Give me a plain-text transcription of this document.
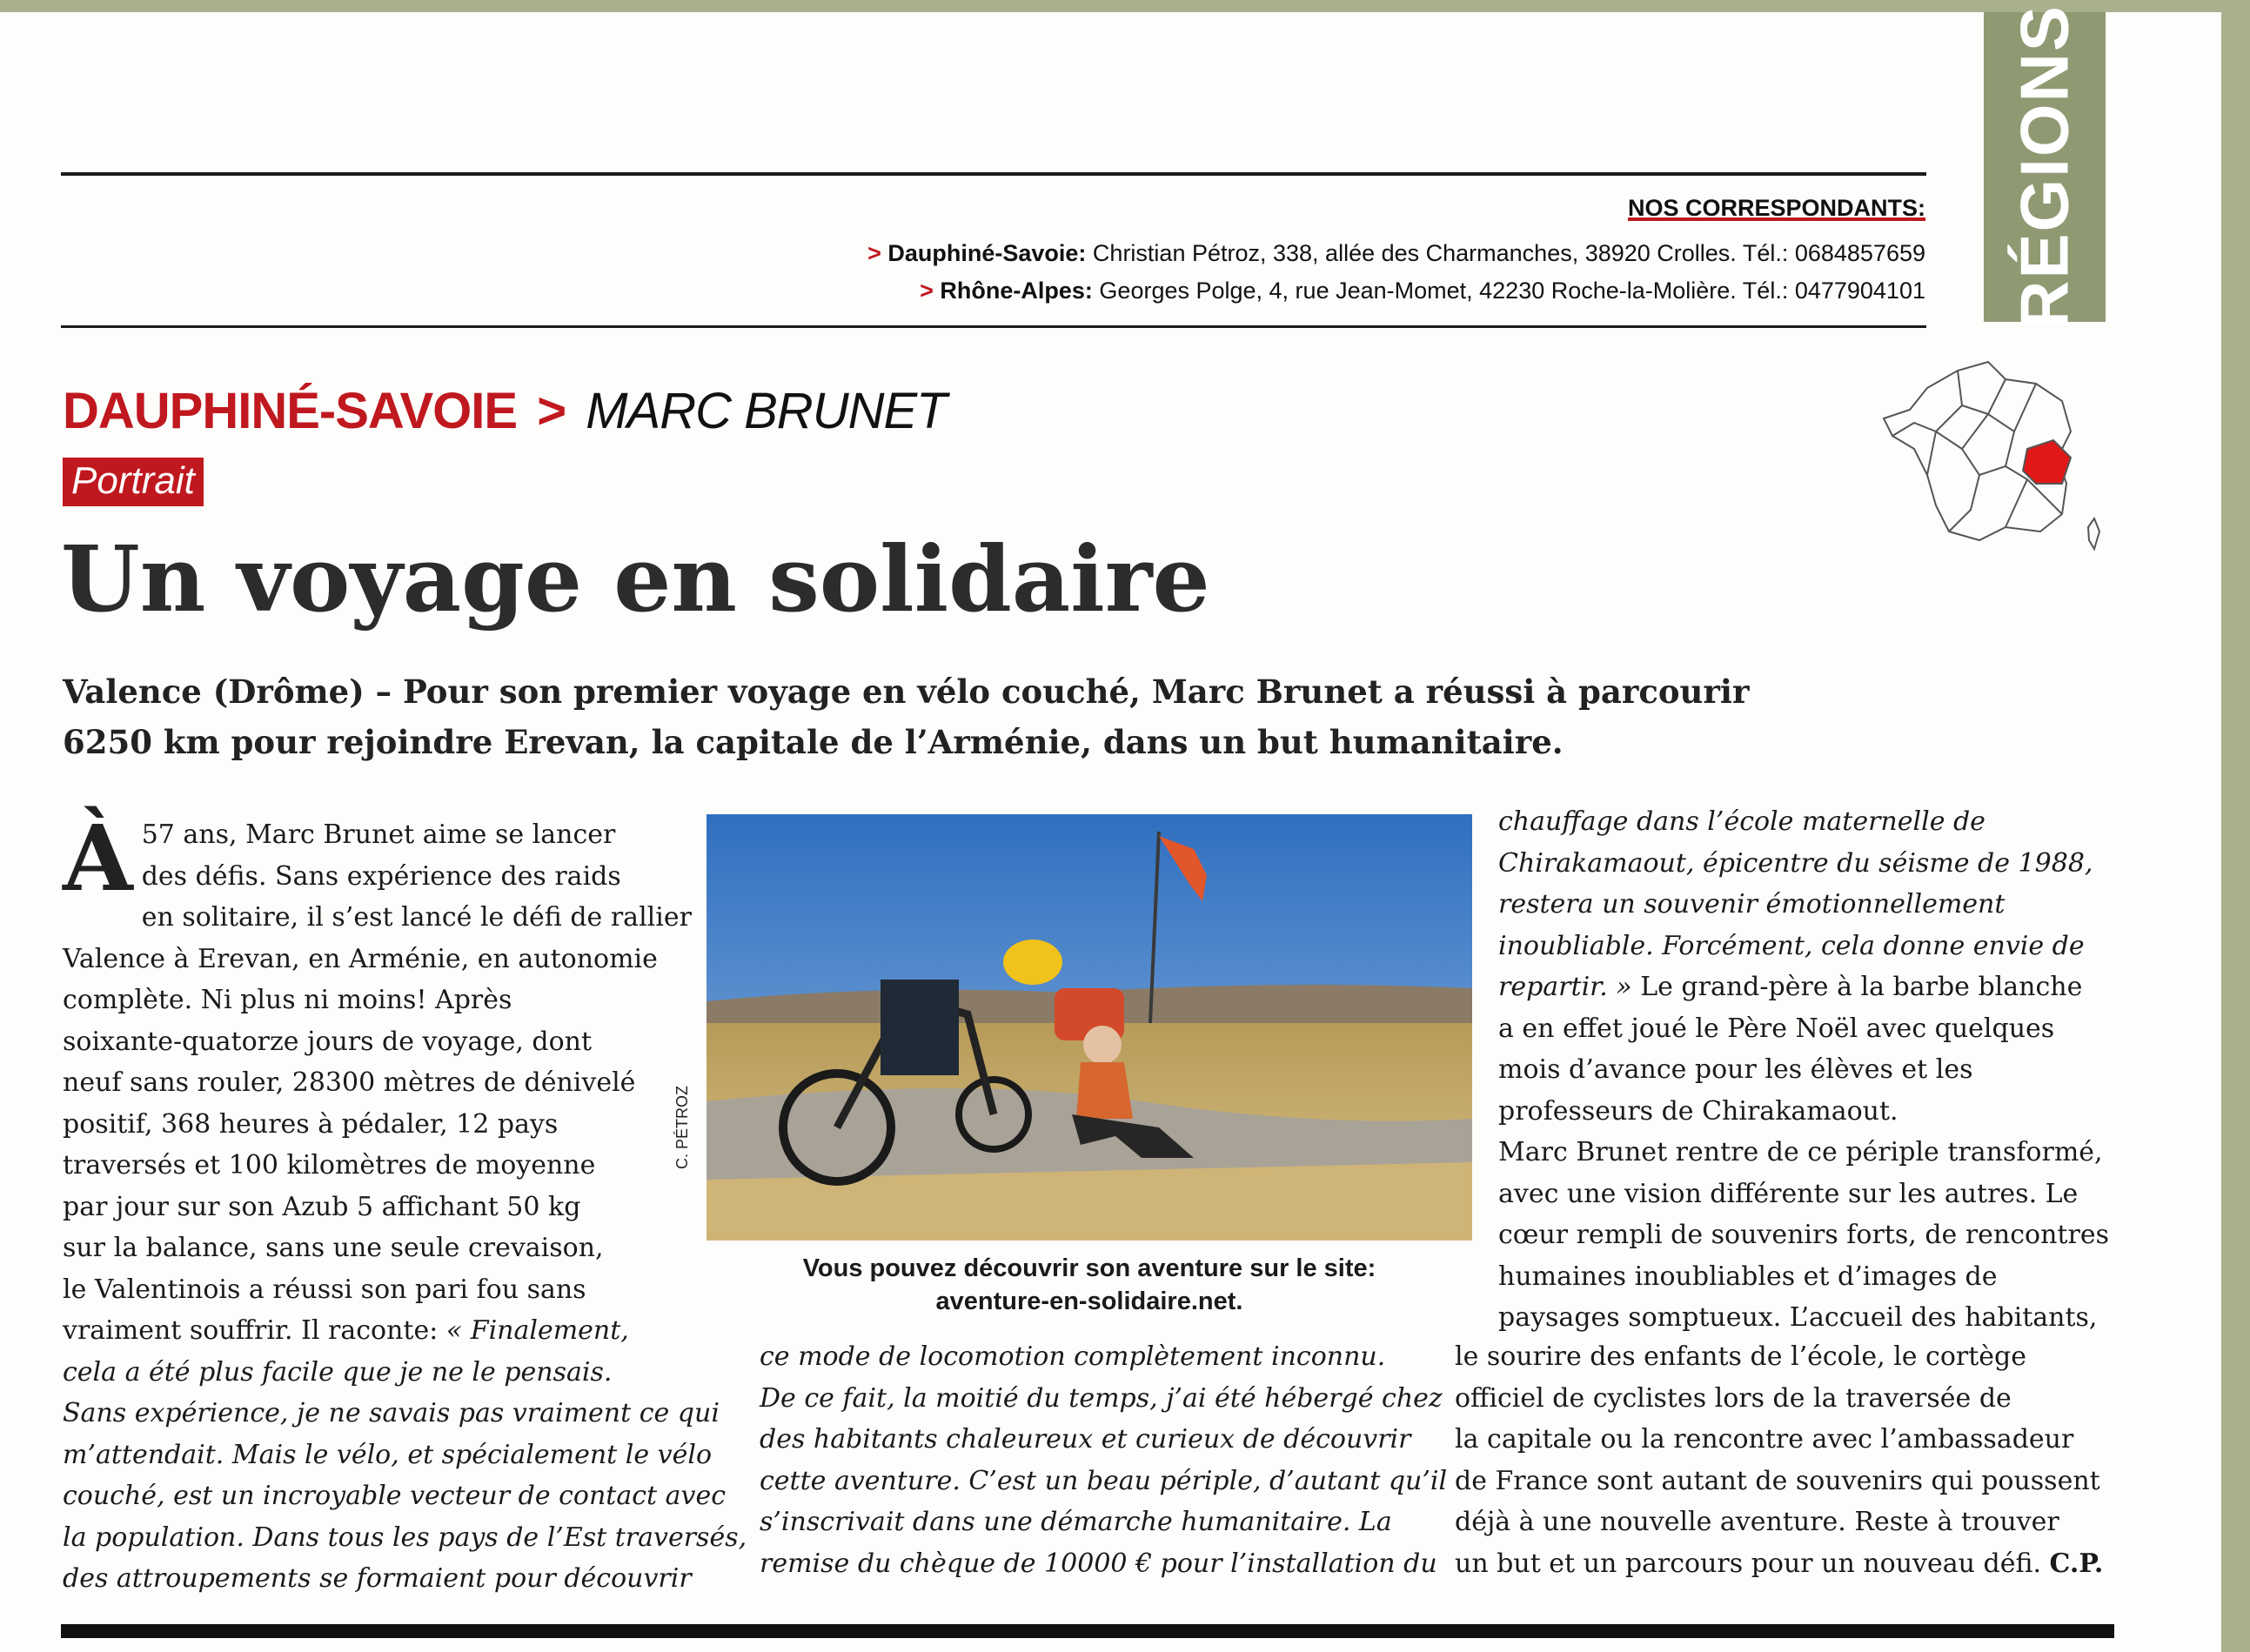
RÉGIONS
NOS CORRESPONDANTS:
> Dauphiné-Savoie: Christian Pétroz, 338, allée des Charmanches, 38920 Crolles. Tél.: 0684857659
> Rhône-Alpes: Georges Polge, 4, rue Jean-Momet, 42230 Roche-la-Molière. Tél.: 0477904101
DAUPHINÉ-SAVOIE > MARC BRUNET
Portrait
Un voyage en solidaire
Valence (Drôme) – Pour son premier voyage en vélo couché, Marc Brunet a réussi à parcourir 6250 km pour rejoindre Erevan, la capitale de l’Arménie, dans un but humanitaire.
À 57 ans, Marc Brunet aime se lancer

des défis. Sans expérience des raids

en solitaire, il s’est lancé le défi de rallier

Valence à Erevan, en Arménie, en autonomie

complète. Ni plus ni moins! Après

soixante-quatorze jours de voyage, dont

neuf sans rouler, 28300 mètres de dénivelé

positif, 368 heures à pédaler, 12 pays

traversés et 100 kilomètres de moyenne

par jour sur son Azub 5 affichant 50 kg

sur la balance, sans une seule crevaison,

le Valentinois a réussi son pari fou sans

vraiment souffrir. Il raconte: « Finalement,

cela a été plus facile que je ne le pensais.

Sans expérience, je ne savais pas vraiment ce qui

m’attendait. Mais le vélo, et spécialement le vélo

couché, est un incroyable vecteur de contact avec

la population. Dans tous les pays de l’Est traversés,

des attroupements se formaient pour découvrir

C. PÉTROZ
Vous pouvez découvrir son aventure sur le site:
aventure-en-solidaire.net.

ce mode de locomotion complètement inconnu.

De ce fait, la moitié du temps, j’ai été hébergé chez

des habitants chaleureux et curieux de découvrir

cette aventure. C’est un beau périple, d’autant qu’il

s’inscrivait dans une démarche humanitaire. La

remise du chèque de 10000 € pour l’installation du

chauffage dans l’école maternelle de

Chirakamaout, épicentre du séisme de 1988,

restera un souvenir émotionnellement

inoubliable. Forcément, cela donne envie de

repartir. » Le grand-père à la barbe blanche

a en effet joué le Père Noël avec quelques

mois d’avance pour les élèves et les

professeurs de Chirakamaout.

Marc Brunet rentre de ce périple transformé,

avec une vision différente sur les autres. Le

cœur rempli de souvenirs forts, de rencontres

humaines inoubliables et d’images de

paysages somptueux. L’accueil des habitants,

le sourire des enfants de l’école, le cortège

officiel de cyclistes lors de la traversée de

la capitale ou la rencontre avec l’ambassadeur

de France sont autant de souvenirs qui poussent

déjà à une nouvelle aventure. Reste à trouver

un but et un parcours pour un nouveau défi. C.P.
